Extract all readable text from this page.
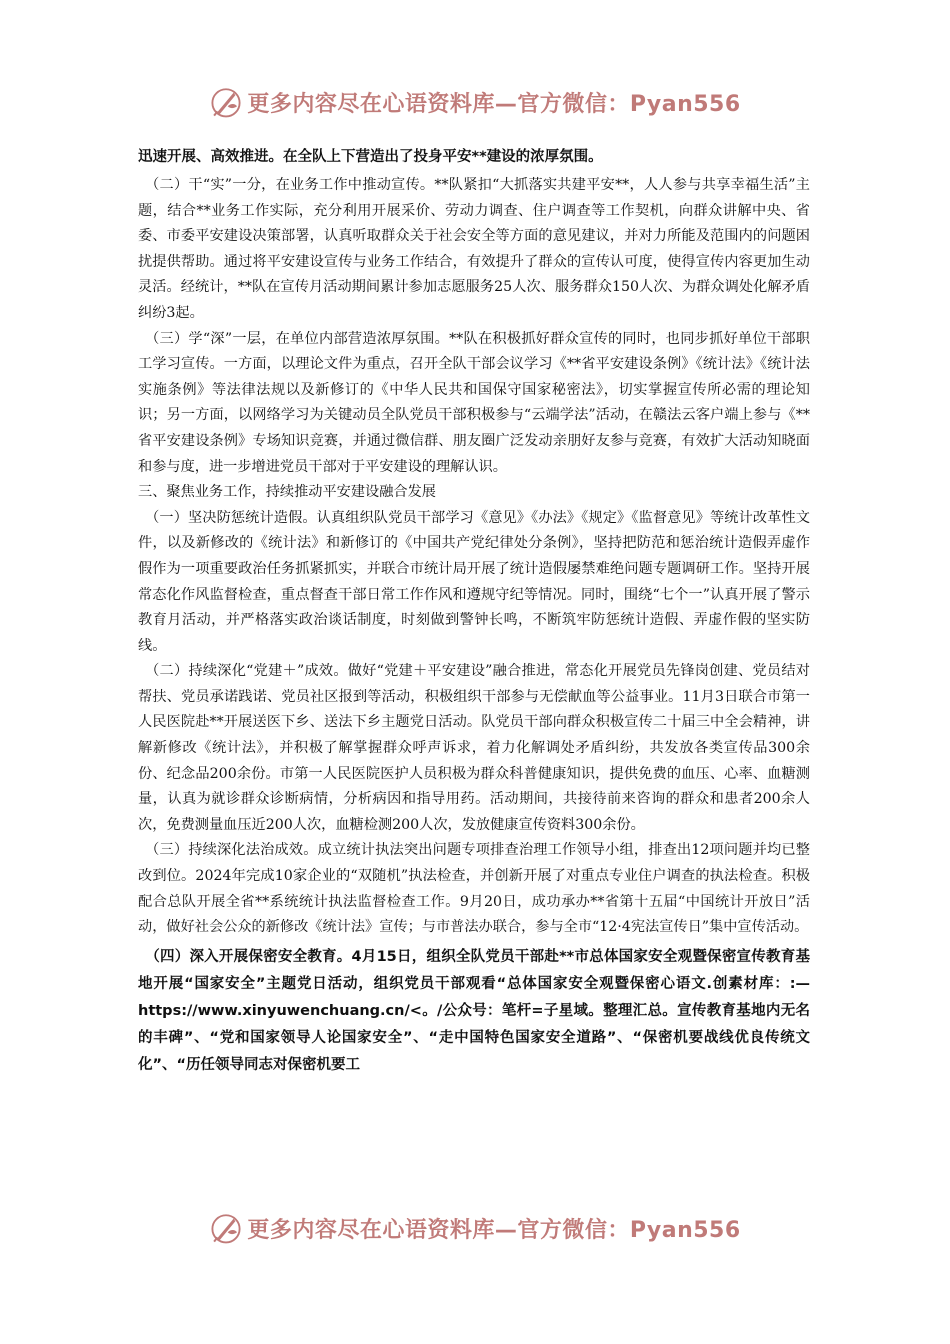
更多内容尽在心语资料库—官方微信：Pyan556

迅速开展、高效推进。在全队上下营造出了投身平安**建设的浓厚氛围。

（二）干“实”一分，在业务工作中推动宣传。**队紧扣“大抓落实共建平安**，人人参与共享幸福生活”主题，结合**业务工作实际，充分利用开展采价、劳动力调查、住户调查等工作契机，向群众讲解中央、省委、市委平安建设决策部署，认真听取群众关于社会安全等方面的意见建议，并对力所能及范围内的问题困扰提供帮助。通过将平安建设宣传与业务工作结合，有效提升了群众的宣传认可度，使得宣传内容更加生动灵活。经统计，**队在宣传月活动期间累计参加志愿服务25人次、服务群众150人次、为群众调处化解矛盾纠纷3起。

（三）学“深”一层，在单位内部营造浓厚氛围。**队在积极抓好群众宣传的同时，也同步抓好单位干部职工学习宣传。一方面，以理论文件为重点，召开全队干部会议学习《**省平安建设条例》《统计法》《统计法实施条例》等法律法规以及新修订的《中华人民共和国保守国家秘密法》，切实掌握宣传所必需的理论知识；另一方面，以网络学习为关键动员全队党员干部积极参与“云端学法”活动，在赣法云客户端上参与《**省平安建设条例》专场知识竞赛，并通过微信群、朋友圈广泛发动亲朋好友参与竞赛，有效扩大活动知晓面和参与度，进一步增进党员干部对于平安建设的理解认识。

三、聚焦业务工作，持续推动平安建设融合发展

（一）坚决防惩统计造假。认真组织队党员干部学习《意见》《办法》《规定》《监督意见》等统计改革性文件，以及新修改的《统计法》和新修订的《中国共产党纪律处分条例》，坚持把防范和惩治统计造假弄虚作假作为一项重要政治任务抓紧抓实，并联合市统计局开展了统计造假屡禁难绝问题专题调研工作。坚持开展常态化作风监督检查，重点督查干部日常工作作风和遵规守纪等情况。同时，围绕“七个一”认真开展了警示教育月活动，并严格落实政治谈话制度，时刻做到警钟长鸣，不断筑牢防惩统计造假、弄虚作假的坚实防线。

（二）持续深化“党建＋”成效。做好“党建＋平安建设”融合推进，常态化开展党员先锋岗创建、党员结对帮扶、党员承诺践诺、党员社区报到等活动，积极组织干部参与无偿献血等公益事业。11月3日联合市第一人民医院赴**开展送医下乡、送法下乡主题党日活动。队党员干部向群众积极宣传二十届三中全会精神，讲解新修改《统计法》，并积极了解掌握群众呼声诉求，着力化解调处矛盾纠纷，共发放各类宣传品300余份、纪念品200余份。市第一人民医院医护人员积极为群众科普健康知识，提供免费的血压、心率、血糖测量，认真为就诊群众诊断病情，分析病因和指导用药。活动期间，共接待前来咨询的群众和患者200余人次，免费测量血压近200人次，血糖检测200人次，发放健康宣传资料300余份。

（三）持续深化法治成效。成立统计执法突出问题专项排查治理工作领导小组，排查出12项问题并均已整改到位。2024年完成10家企业的“双随机”执法检查，并创新开展了对重点专业住户调查的执法检查。积极配合总队开展全省**系统统计执法监督检查工作。9月20日，成功承办**省第十五届“中国统计开放日”活动，做好社会公众的新修改《统计法》宣传；与市普法办联合，参与全市“12·4宪法宣传日”集中宣传活动。

（四）深入开展保密安全教育。4月15日，组织全队党员干部赴**市总体国家安全观暨保密宣传教育基地开展“国家安全”主题党日活动，组织党员干部观看“总体国家安全观暨保密心语文.创素材库：:—https://www.xinyuwenchuang.cn/<。/公众号：笔杆=子星域。整理汇总。宣传教育基地内无名的丰碑”、“党和国家领导人论国家安全”、“走中国特色国家安全道路”、“保密机要战线优良传统文化”、“历任领导同志对保密机要工

更多内容尽在心语资料库—官方微信：Pyan556
